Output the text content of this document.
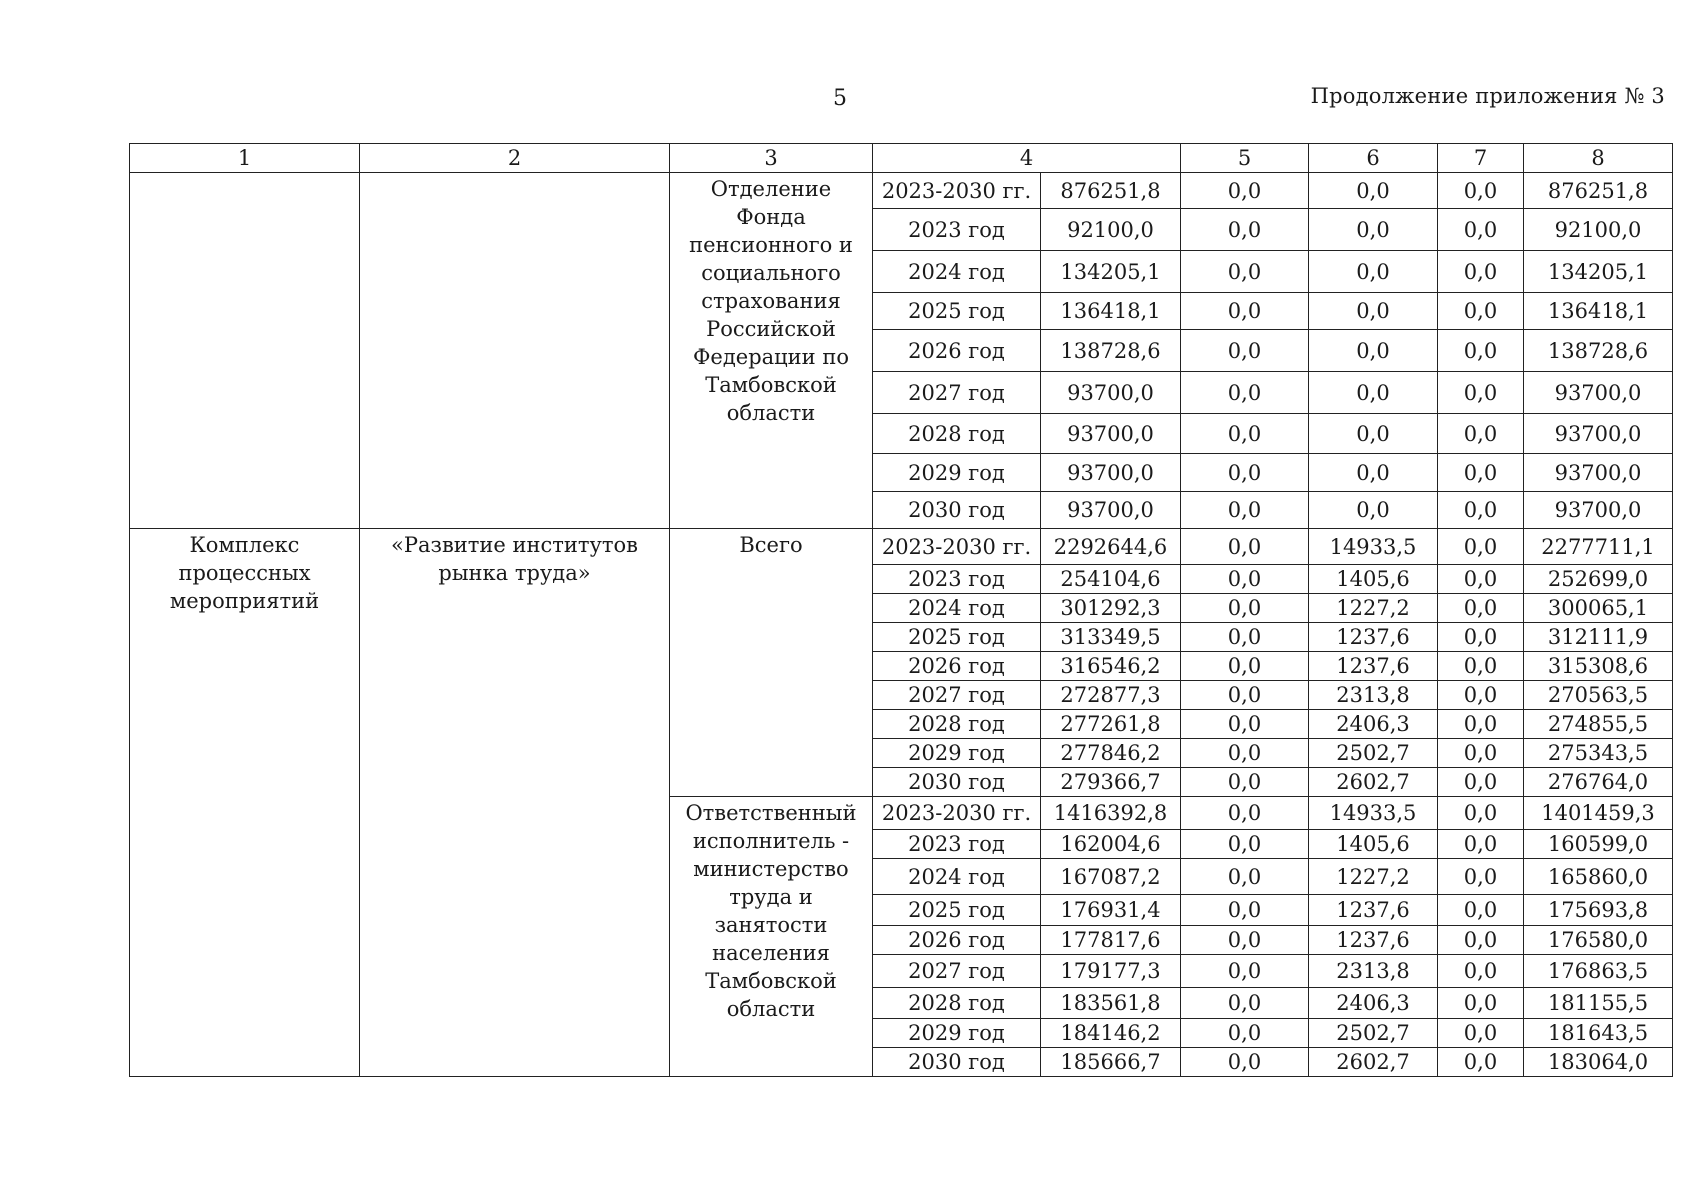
5	Продолжение приложения № 3
1	2	3	4		5	6	7	8
		Отделение Фонда пенсионного и социального страхования Российской Федерации по Тамбовской области	2023-2030 гг.	876251,8	0,0	0,0	0,0	876251,8
			2023 год	92100,0	0,0	0,0	0,0	92100,0
			2024 год	134205,1	0,0	0,0	0,0	134205,1
			2025 год	136418,1	0,0	0,0	0,0	136418,1
			2026 год	138728,6	0,0	0,0	0,0	138728,6
			2027 год	93700,0	0,0	0,0	0,0	93700,0
			2028 год	93700,0	0,0	0,0	0,0	93700,0
			2029 год	93700,0	0,0	0,0	0,0	93700,0
			2030 год	93700,0	0,0	0,0	0,0	93700,0
Комплекс процессных мероприятий	«Развитие институтов рынка труда»	Всего	2023-2030 гг.	2292644,6	0,0	14933,5	0,0	2277711,1
			2023 год	254104,6	0,0	1405,6	0,0	252699,0
			2024 год	301292,3	0,0	1227,2	0,0	300065,1
			2025 год	313349,5	0,0	1237,6	0,0	312111,9
			2026 год	316546,2	0,0	1237,6	0,0	315308,6
			2027 год	272877,3	0,0	2313,8	0,0	270563,5
			2028 год	277261,8	0,0	2406,3	0,0	274855,5
			2029 год	277846,2	0,0	2502,7	0,0	275343,5
			2030 год	279366,7	0,0	2602,7	0,0	276764,0
		Ответственный исполнитель - министерство труда и занятости населения Тамбовской области	2023-2030 гг.	1416392,8	0,0	14933,5	0,0	1401459,3
			2023 год	162004,6	0,0	1405,6	0,0	160599,0
			2024 год	167087,2	0,0	1227,2	0,0	165860,0
			2025 год	176931,4	0,0	1237,6	0,0	175693,8
			2026 год	177817,6	0,0	1237,6	0,0	176580,0
			2027 год	179177,3	0,0	2313,8	0,0	176863,5
			2028 год	183561,8	0,0	2406,3	0,0	181155,5
			2029 год	184146,2	0,0	2502,7	0,0	181643,5
			2030 год	185666,7	0,0	2602,7	0,0	183064,0
